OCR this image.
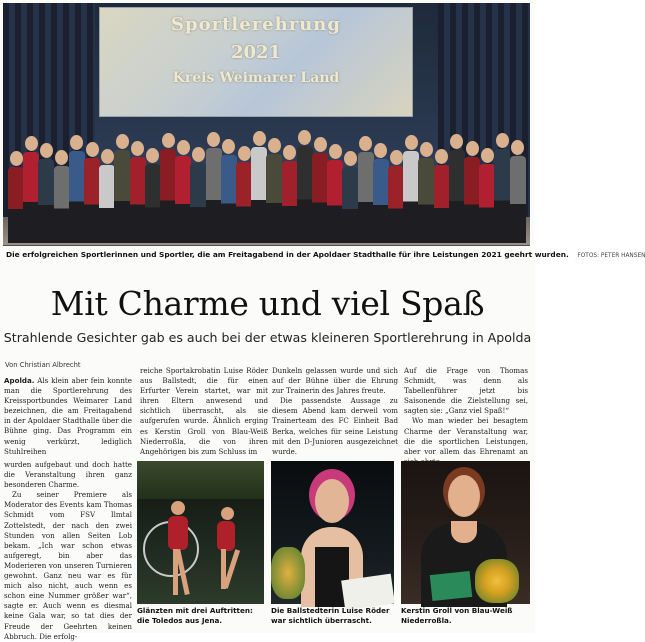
Sportlerehrung
2021
Kreis Weimarer Land
Die erfolgreichen Sportlerinnen und Sportler, die am Freitagabend in der Apoldaer Stadthalle für ihre Leistungen 2021 geehrt wurden. FOTOS: PETER HANSEN
Mit Charme und viel Spaß
Strahlende Gesichter gab es auch bei der etwas kleineren Sportlerehrung in Apolda
Von Christian Albrecht

Apolda. Als klein aber fein konnte man die Sportlerehrung des Kreissportbundes Weimarer Land bezeichnen, die am Freitagabend in der Apoldaer Stadthalle über die Bühne ging. Das Programm ein wenig verkürzt, lediglich Stuhlreihen

wurden aufgebaut und doch hatte die Veranstaltung ihren ganz besonderen Charme.

Zu seiner Premiere als Moderator des Events kam Thomas Schmidt vom FSV Ilmtal Zottelstedt, der nach den zwei Stunden von allen Seiten Lob bekam. „Ich war schon etwas aufgeregt, bin aber das Moderieren von unseren Turnieren gewohnt. Ganz neu war es für mich also nicht, auch wenn es schon eine Nummer größer war“, sagte er. Auch wenn es diesmal keine Gala war, so tat dies der Freude der Geehrten keinen Abbruch. Die erfolg-

reiche Sportakrobatin Luise Röder aus Ballstedt, die für einen Erfurter Verein startet, war mit ihren Eltern anwesend und sichtlich überrascht, als sie aufgerufen wurde. Ähnlich erging es Kerstin Groll von Blau-Weiß Niederroßla, die von ihren Angehörigen bis zum Schluss im

Dunkeln gelassen wurde und sich auf der Bühne über die Ehrung zur Trainerin des Jahres freute.

Die passendste Aussage zu diesem Abend kam derweil vom Trainerteam des FC Einheit Bad Berka, welches für seine Leistung mit den D-Junioren ausgezeichnet wurde.

Auf die Frage von Thomas Schmidt, was denn als Tabellenführer jetzt bis Saisonende die Zielstellung sei, sagten sie: „Ganz viel Spaß!“

Wo man wieder bei besagtem Charme der Veranstaltung war, die die sportlichen Leistungen, aber vor allem das Ehrenamt an

Glänzten mit drei Auftritten: die Toledos aus Jena.
Die Ballstedterin Luise Röder war sichtlich überrascht.
Kerstin Groll von Blau-Weiß Niederroßla.
